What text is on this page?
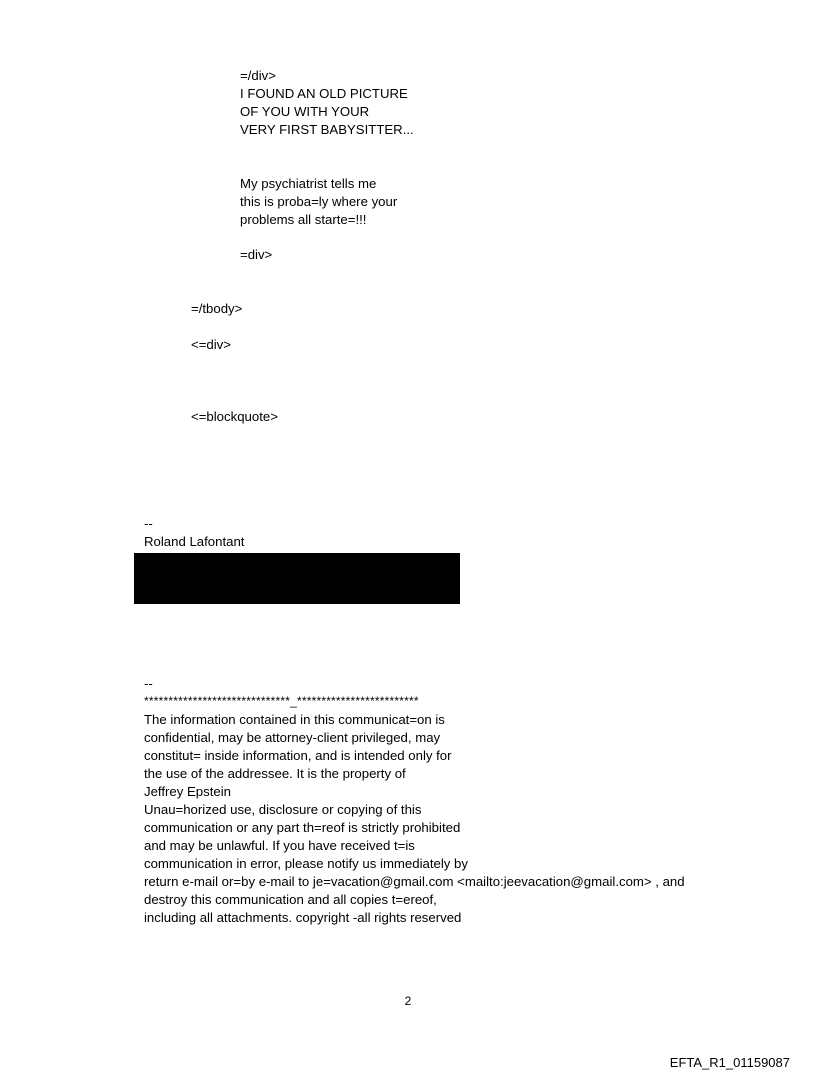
=/div>
I FOUND AN OLD PICTURE
OF YOU WITH YOUR
VERY FIRST BABYSITTER...
My psychiatrist tells me
this is proba=ly where your
problems all starte=!!!
=div>
=/tbody>
<=div>
<=blockquote>
--
Roland Lafontant
--
******************************_*************************
The information contained in this communicat=on is
confidential, may be attorney-client privileged, may
constitut= inside information, and is intended only for
the use of the addressee. It is the property of
Jeffrey Epstein
Unau=horized use, disclosure or copying of this
communication or any part th=reof is strictly prohibited
and may be unlawful. If you have received t=is
communication in error, please notify us immediately by
return e-mail or=by e-mail to je=vacation@gmail.com <mailto:jeevacation@gmail.com> , and
destroy this communication and all copies t=ereof,
including all attachments. copyright -all rights reserved
2
EFTA_R1_01159087
